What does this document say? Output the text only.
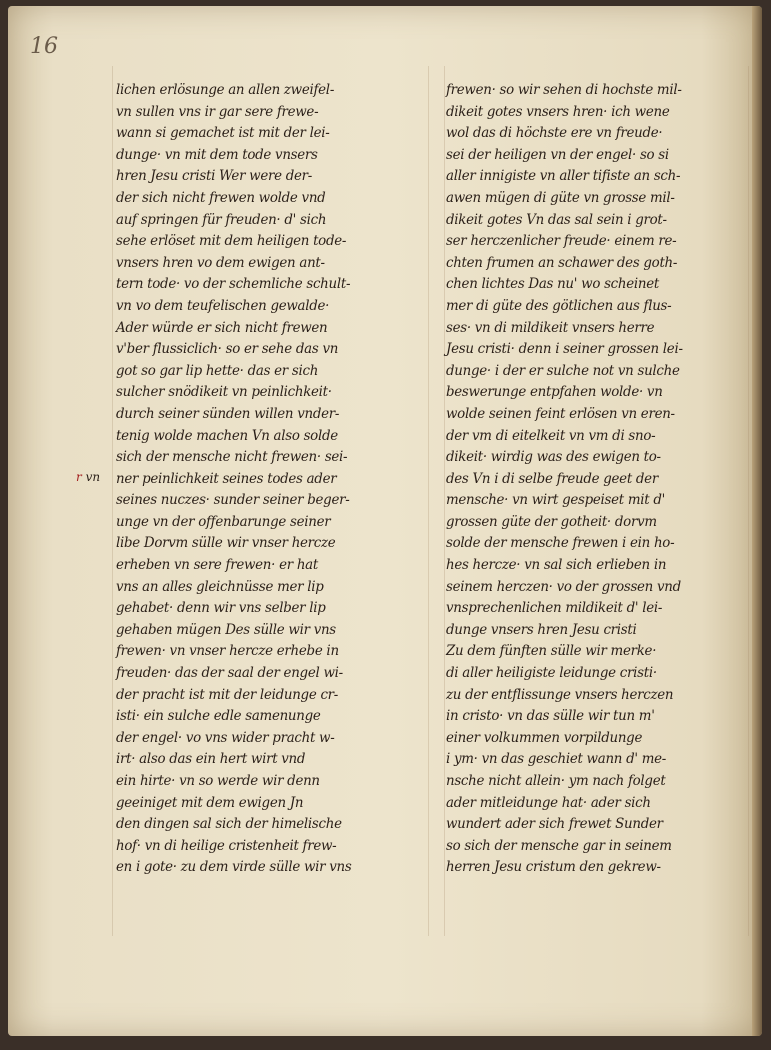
16
r vn
lichen erlösunge an allen zweifel-
vn sullen vns ir gar sere frewe-
wann si gemachet ist mit der lei-
dunge· vn mit dem tode vnsers
hren Jesu cristi Wer were der-
der sich nicht frewen wolde vnd
auf springen für freuden· d' sich
sehe erlöset mit dem heiligen tode-
vnsers hren vo dem ewigen ant-
tern tode· vo der schemliche schult-
vn vo dem teufelischen gewalde·
Ader würde er sich nicht frewen
v'ber flussiclich· so er sehe das vn
got so gar lip hette· das er sich
sulcher snödikeit vn peinlichkeit·
durch seiner sünden willen vnder-
tenig wolde machen Vn also solde
sich der mensche nicht frewen· sei-
ner peinlichkeit seines todes ader
seines nuczes· sunder seiner beger-
unge vn der offenbarunge seiner
libe Dorvm sülle wir vnser hercze
erheben vn sere frewen· er hat
vns an alles gleichnüsse mer lip
gehabet· denn wir vns selber lip
gehaben mügen Des sülle wir vns
frewen· vn vnser hercze erhebe in
freuden· das der saal der engel wi-
der pracht ist mit der leidunge cr-
isti· ein sulche edle samenunge
der engel· vo vns wider pracht w-
irt· also das ein hert wirt vnd
ein hirte· vn so werde wir denn
geeiniget mit dem ewigen Jn
den dingen sal sich der himelische
hof· vn di heilige cristenheit frew-
en i gote· zu dem virde sülle wir vns
frewen· so wir sehen di hochste mil-
dikeit gotes vnsers hren· ich wene
wol das di höchste ere vn freude·
sei der heiligen vn der engel· so si
aller innigiste vn aller tifiste an sch-
awen mügen di güte vn grosse mil-
dikeit gotes Vn das sal sein i grot-
ser herczenlicher freude· einem re-
chten frumen an schawer des goth-
chen lichtes Das nu' wo scheinet
mer di güte des götlichen aus flus-
ses· vn di mildikeit vnsers herre
Jesu cristi· denn i seiner grossen lei-
dunge· i der er sulche not vn sulche
beswerunge entpfahen wolde· vn
wolde seinen feint erlösen vn eren-
der vm di eitelkeit vn vm di sno-
dikeit· wirdig was des ewigen to-
des Vn i di selbe freude geet der
mensche· vn wirt gespeiset mit d'
grossen güte der gotheit· dorvm
solde der mensche frewen i ein ho-
hes hercze· vn sal sich erlieben in
seinem herczen· vo der grossen vnd
vnsprechenlichen mildikeit d' lei-
dunge vnsers hren Jesu cristi
Zu dem fünften sülle wir merke·
di aller heiligiste leidunge cristi·
zu der entflissunge vnsers herczen
in cristo· vn das sülle wir tun m'
einer volkummen vorpildunge
i ym· vn das geschiet wann d' me-
nsche nicht allein· ym nach folget
ader mitleidunge hat· ader sich
wundert ader sich frewet Sunder
so sich der mensche gar in seinem
herren Jesu cristum den gekrew-
